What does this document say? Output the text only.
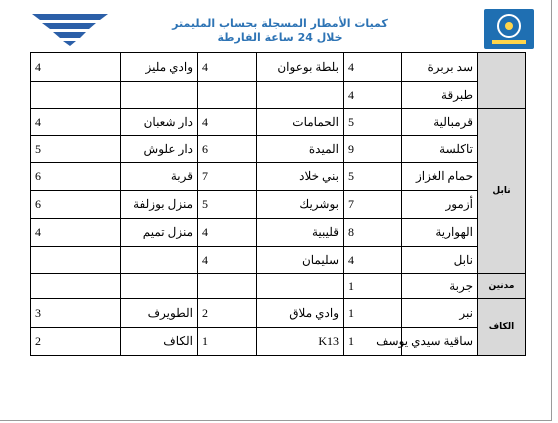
كميات الأمطار المسجلة بحساب المليمتر
خلال 24 ساعة الفارطة
4	وادي مليز	4	بلطة بوعوان	4	سد بربرة	
				4	طبرقة	
4	دار شعبان	4	الحمامات	5	قرمبالية	نابل
5	دار علوش	6	الميدة	9	تاكلسة	
6	قربة	7	بني خلاد	5	حمام الغزاز	
6	منزل بوزلفة	5	بوشريك	7	أزمور	
4	منزل تميم	4	قليبية	8	الهوارية	
		4	سليمان	4	نابل	
				1	جربة	مدنين
3	الطويرف	2	وادي ملاق	1	نبر	الكاف
2	الكاف	1	K13	1	ساقية سيدي يوسف	
